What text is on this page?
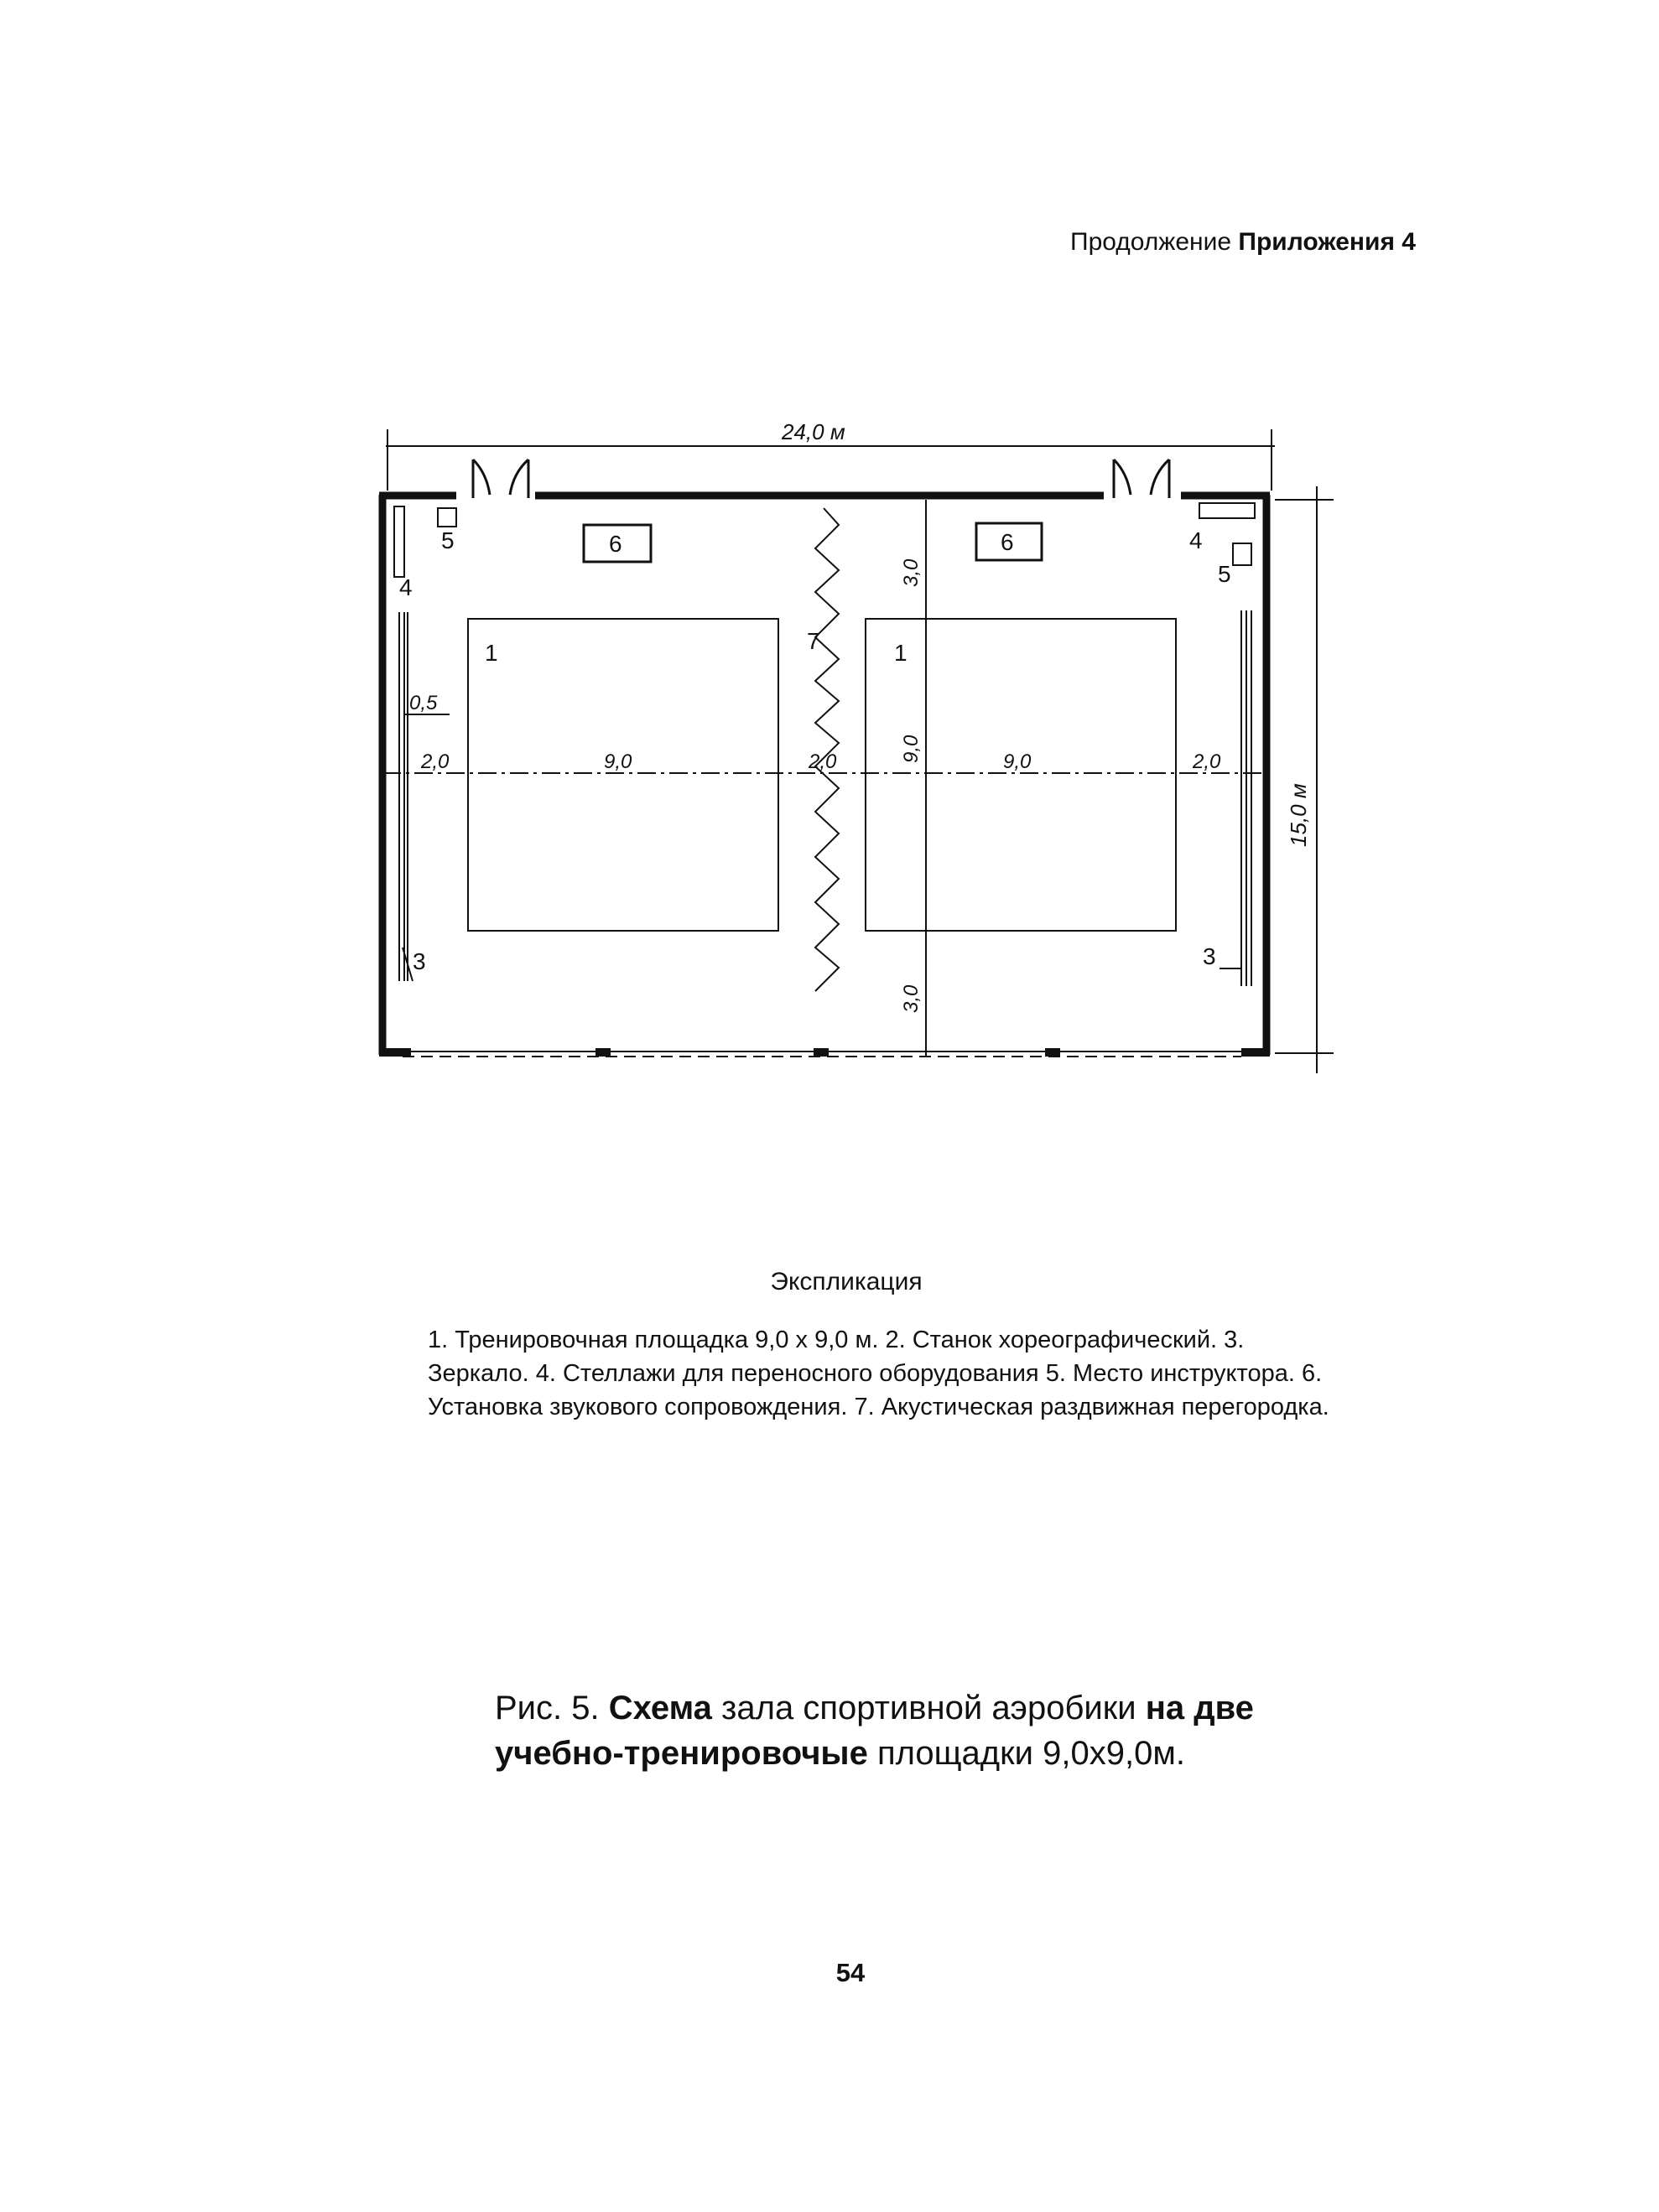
Продолжение Приложения 4
24,0 м
15,0 м
4
5	6
1	7	1
6	4
5
3	3
0,5
2,0	9,0	2,0	9,0	2,0
3,0
9,0
3,0
Экспликация
1. Тренировочная площадка 9,0 х 9,0 м. 2. Станок хореографический. 3. Зеркало. 4. Стеллажи для переносного оборудования 5. Место инструктора. 6. Установка звукового сопровождения. 7. Акустическая раздвижная перегородка.
Рис. 5. Схема зала спортивной аэробики на две учебно-тренировочые площадки 9,0х9,0м.
54
